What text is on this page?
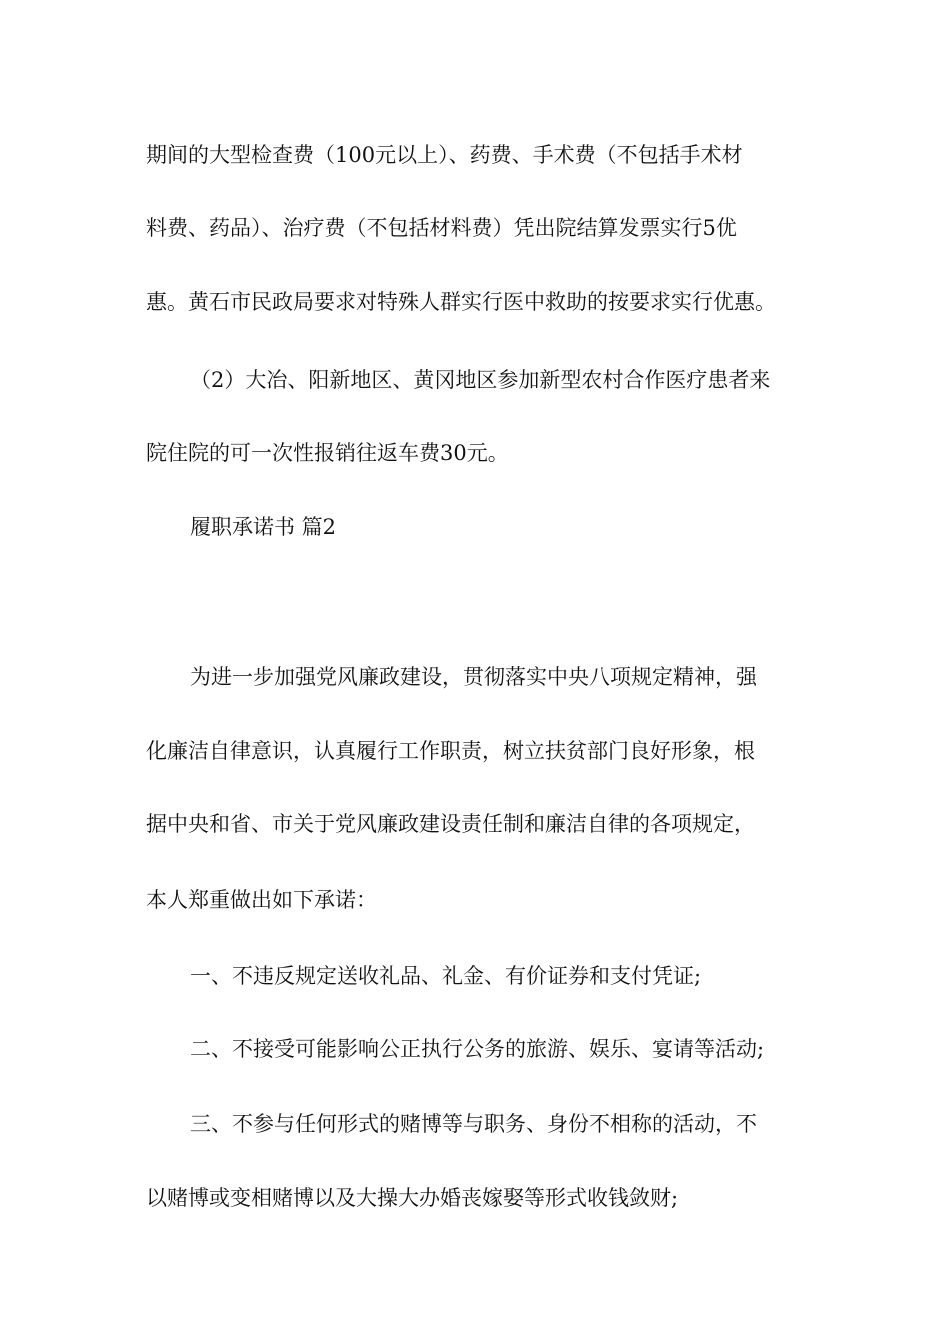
期间的大型检查费（100元以上）、药费、手术费（不包括手术材

料费、药品）、治疗费（不包括材料费）凭出院结算发票实行5优

惠。黄石市民政局要求对特殊人群实行医中救助的按要求实行优惠。

（2）大冶、阳新地区、黄冈地区参加新型农村合作医疗患者来

院住院的可一次性报销往返车费30元。

履职承诺书 篇2

为进一步加强党风廉政建设，贯彻落实中央八项规定精神，强

化廉洁自律意识，认真履行工作职责，树立扶贫部门良好形象，根

据中央和省、市关于党风廉政建设责任制和廉洁自律的各项规定，

本人郑重做出如下承诺：

一、不违反规定送收礼品、礼金、有价证券和支付凭证;

二、不接受可能影响公正执行公务的旅游、娱乐、宴请等活动;

三、不参与任何形式的赌博等与职务、身份不相称的活动，不

以赌博或变相赌博以及大操大办婚丧嫁娶等形式收钱敛财;
